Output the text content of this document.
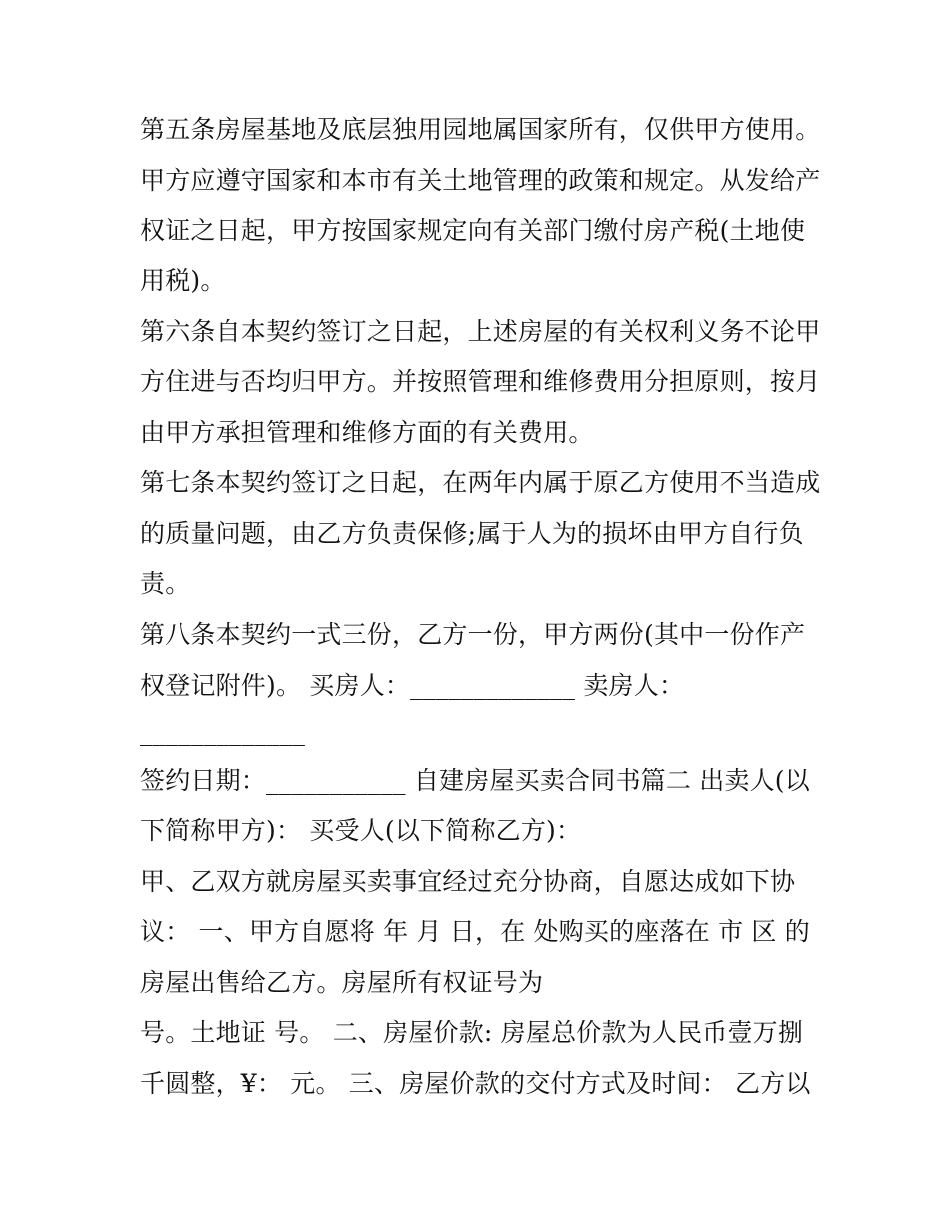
第五条房屋基地及底层独用园地属国家所有，仅供甲方使用。
甲方应遵守国家和本市有关土地管理的政策和规定。从发给产
权证之日起，甲方按国家规定向有关部门缴付房产税(土地使
用税)。
第六条自本契约签订之日起，上述房屋的有关权利义务不论甲
方住进与否均归甲方。并按照管理和维修费用分担原则，按月
由甲方承担管理和维修方面的有关费用。
第七条本契约签订之日起，在两年内属于原乙方使用不当造成
的质量问题，由乙方负责保修;属于人为的损坏由甲方自行负
责。
第八条本契约一式三份，乙方一份，甲方两份(其中一份作产
权登记附件)。 买房人：_____________ 卖房人：
_____________
签约日期：___________ 自建房屋买卖合同书篇二 出卖人(以
下简称甲方)： 买受人(以下简称乙方)：
甲、乙双方就房屋买卖事宜经过充分协商，自愿达成如下协
议： 一、甲方自愿将 年 月 日，在 处购买的座落在 市 区 的
房屋出售给乙方。房屋所有权证号为
号。土地证 号。 二、房屋价款: 房屋总价款为人民币壹万捌
千圆整，¥： 元。 三、房屋价款的交付方式及时间： 乙方以
